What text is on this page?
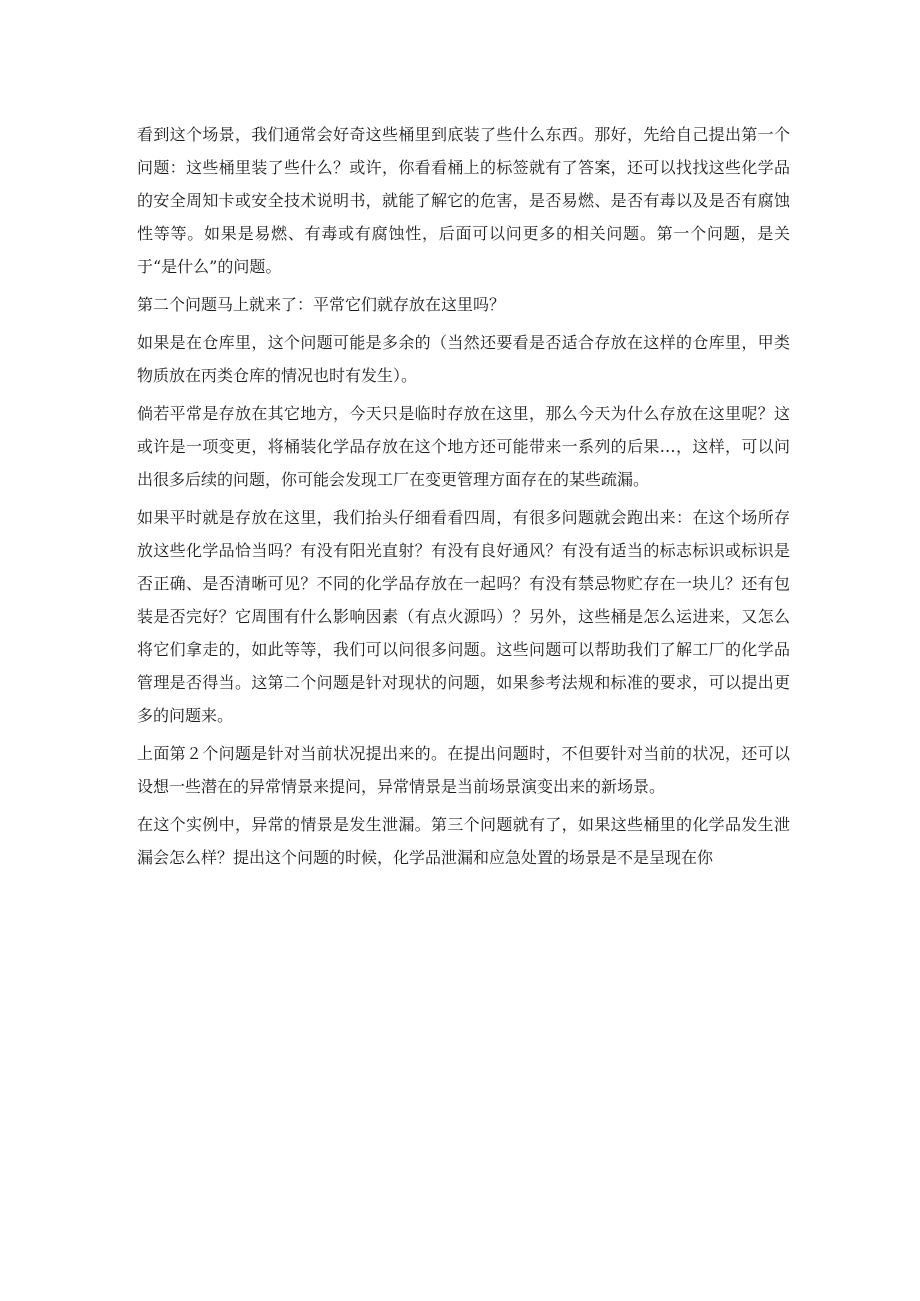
看到这个场景，我们通常会好奇这些桶里到底装了些什么东西。那好，先给自己提出第一个问题：这些桶里装了些什么？或许，你看看桶上的标签就有了答案，还可以找找这些化学品的安全周知卡或安全技术说明书，就能了解它的危害，是否易燃、是否有毒以及是否有腐蚀性等等。如果是易燃、有毒或有腐蚀性，后面可以问更多的相关问题。第一个问题，是关于“是什么”的问题。

第二个问题马上就来了：平常它们就存放在这里吗？

如果是在仓库里，这个问题可能是多余的（当然还要看是否适合存放在这样的仓库里，甲类物质放在丙类仓库的情况也时有发生）。

倘若平常是存放在其它地方，今天只是临时存放在这里，那么今天为什么存放在这里呢？这或许是一项变更，将桶装化学品存放在这个地方还可能带来一系列的后果…，这样，可以问出很多后续的问题，你可能会发现工厂在变更管理方面存在的某些疏漏。

如果平时就是存放在这里，我们抬头仔细看看四周，有很多问题就会跑出来：在这个场所存放这些化学品恰当吗？有没有阳光直射？有没有良好通风？有没有适当的标志标识或标识是否正确、是否清晰可见？不同的化学品存放在一起吗？有没有禁忌物贮存在一块儿？还有包装是否完好？它周围有什么影响因素（有点火源吗）？另外，这些桶是怎么运进来，又怎么将它们拿走的，如此等等，我们可以问很多问题。这些问题可以帮助我们了解工厂的化学品管理是否得当。这第二个问题是针对现状的问题，如果参考法规和标准的要求，可以提出更多的问题来。

上面第２个问题是针对当前状况提出来的。在提出问题时，不但要针对当前的状况，还可以设想一些潜在的异常情景来提问，异常情景是当前场景演变出来的新场景。

在这个实例中，异常的情景是发生泄漏。第三个问题就有了，如果这些桶里的化学品发生泄漏会怎么样？提出这个问题的时候，化学品泄漏和应急处置的场景是不是呈现在你
